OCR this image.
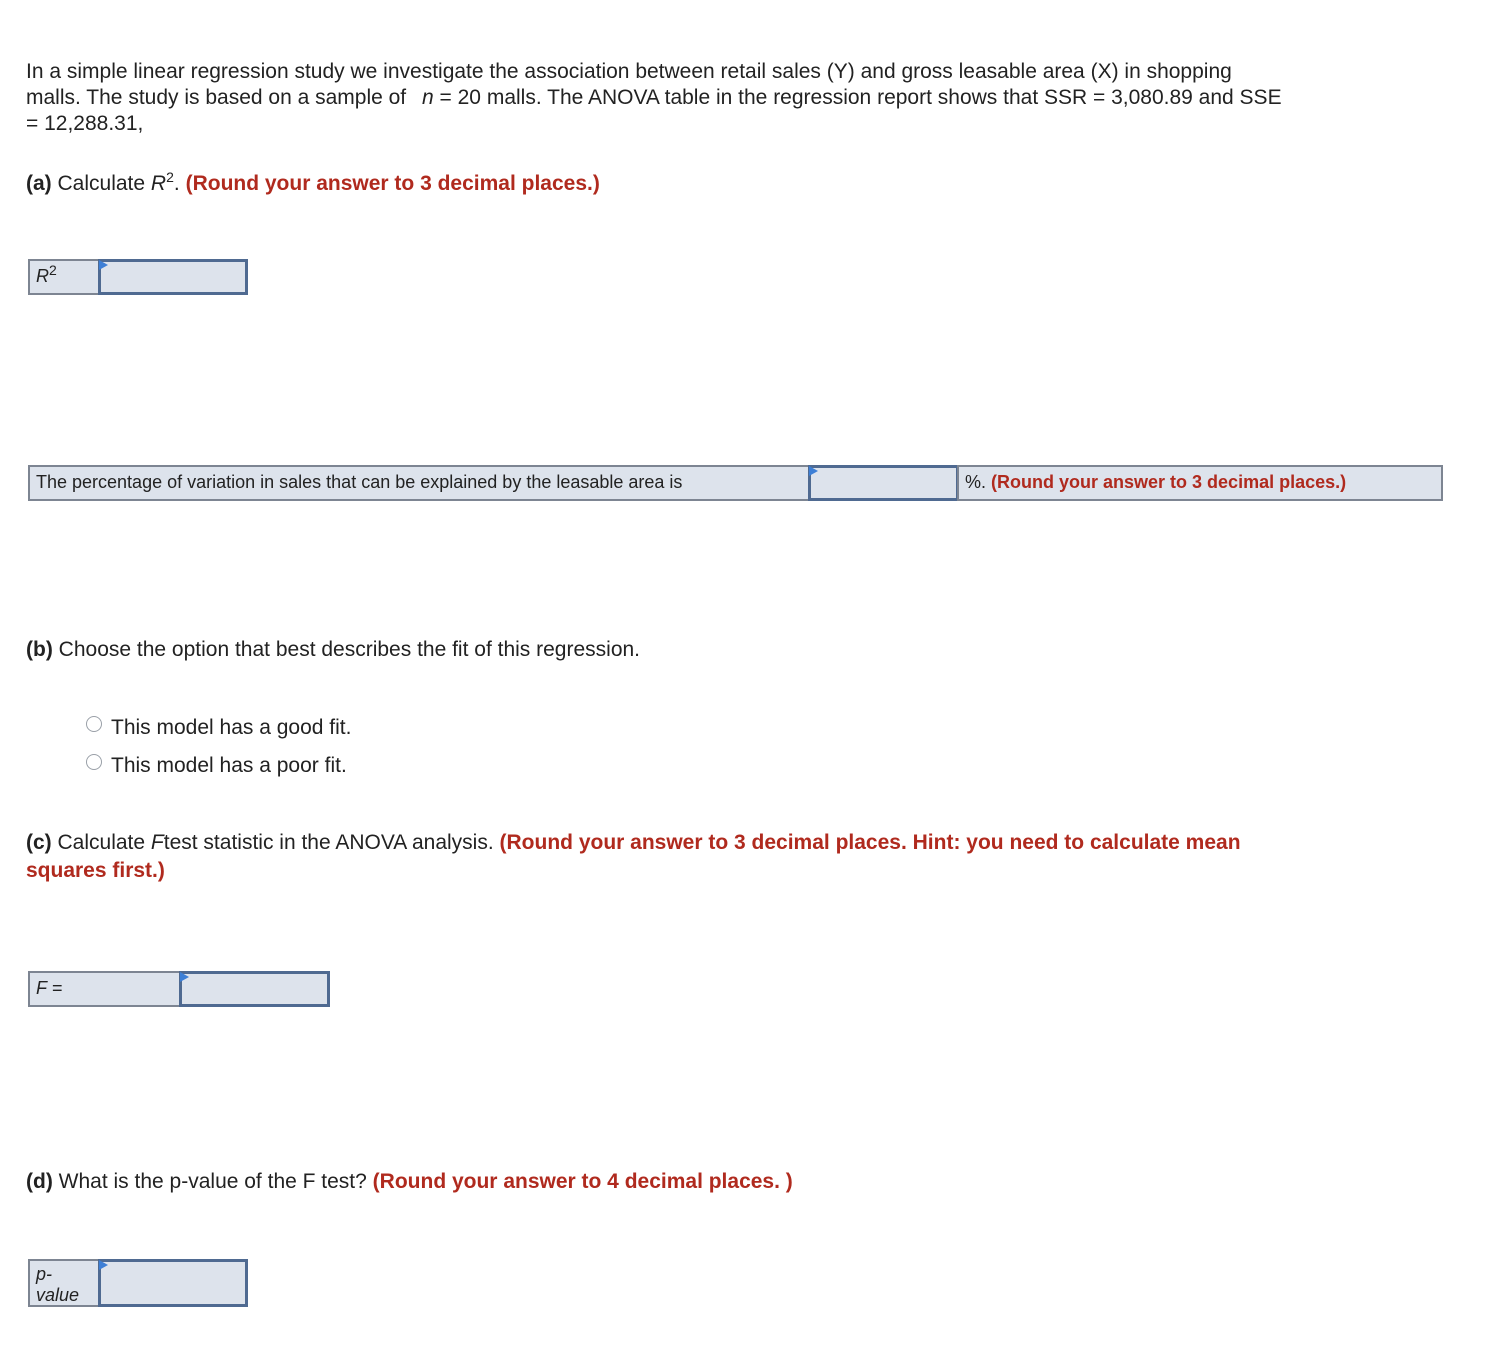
In a simple linear regression study we investigate the association between retail sales (Y) and gross leasable area (X) in shopping
malls. The study is based on a sample of n = 20 malls. The ANOVA table in the regression report shows that SSR = 3,080.89 and SSE
= 12,288.31,
(a) Calculate $R^2$. (Round your answer to 3 decimal places.)
$R^2$
The percentage of variation in sales that can be explained by the leasable area is	%. (Round your answer to 3 decimal places.)
(b) Choose the option that best describes the fit of this regression.
This model has a good fit.
This model has a poor fit.
(c) Calculate Ftest statistic in the ANOVA analysis. (Round your answer to 3 decimal places. Hint: you need to calculate mean
squares first.)
F =
(d) What is the p-value of the F test? (Round your answer to 4 decimal places. )
p-
value
